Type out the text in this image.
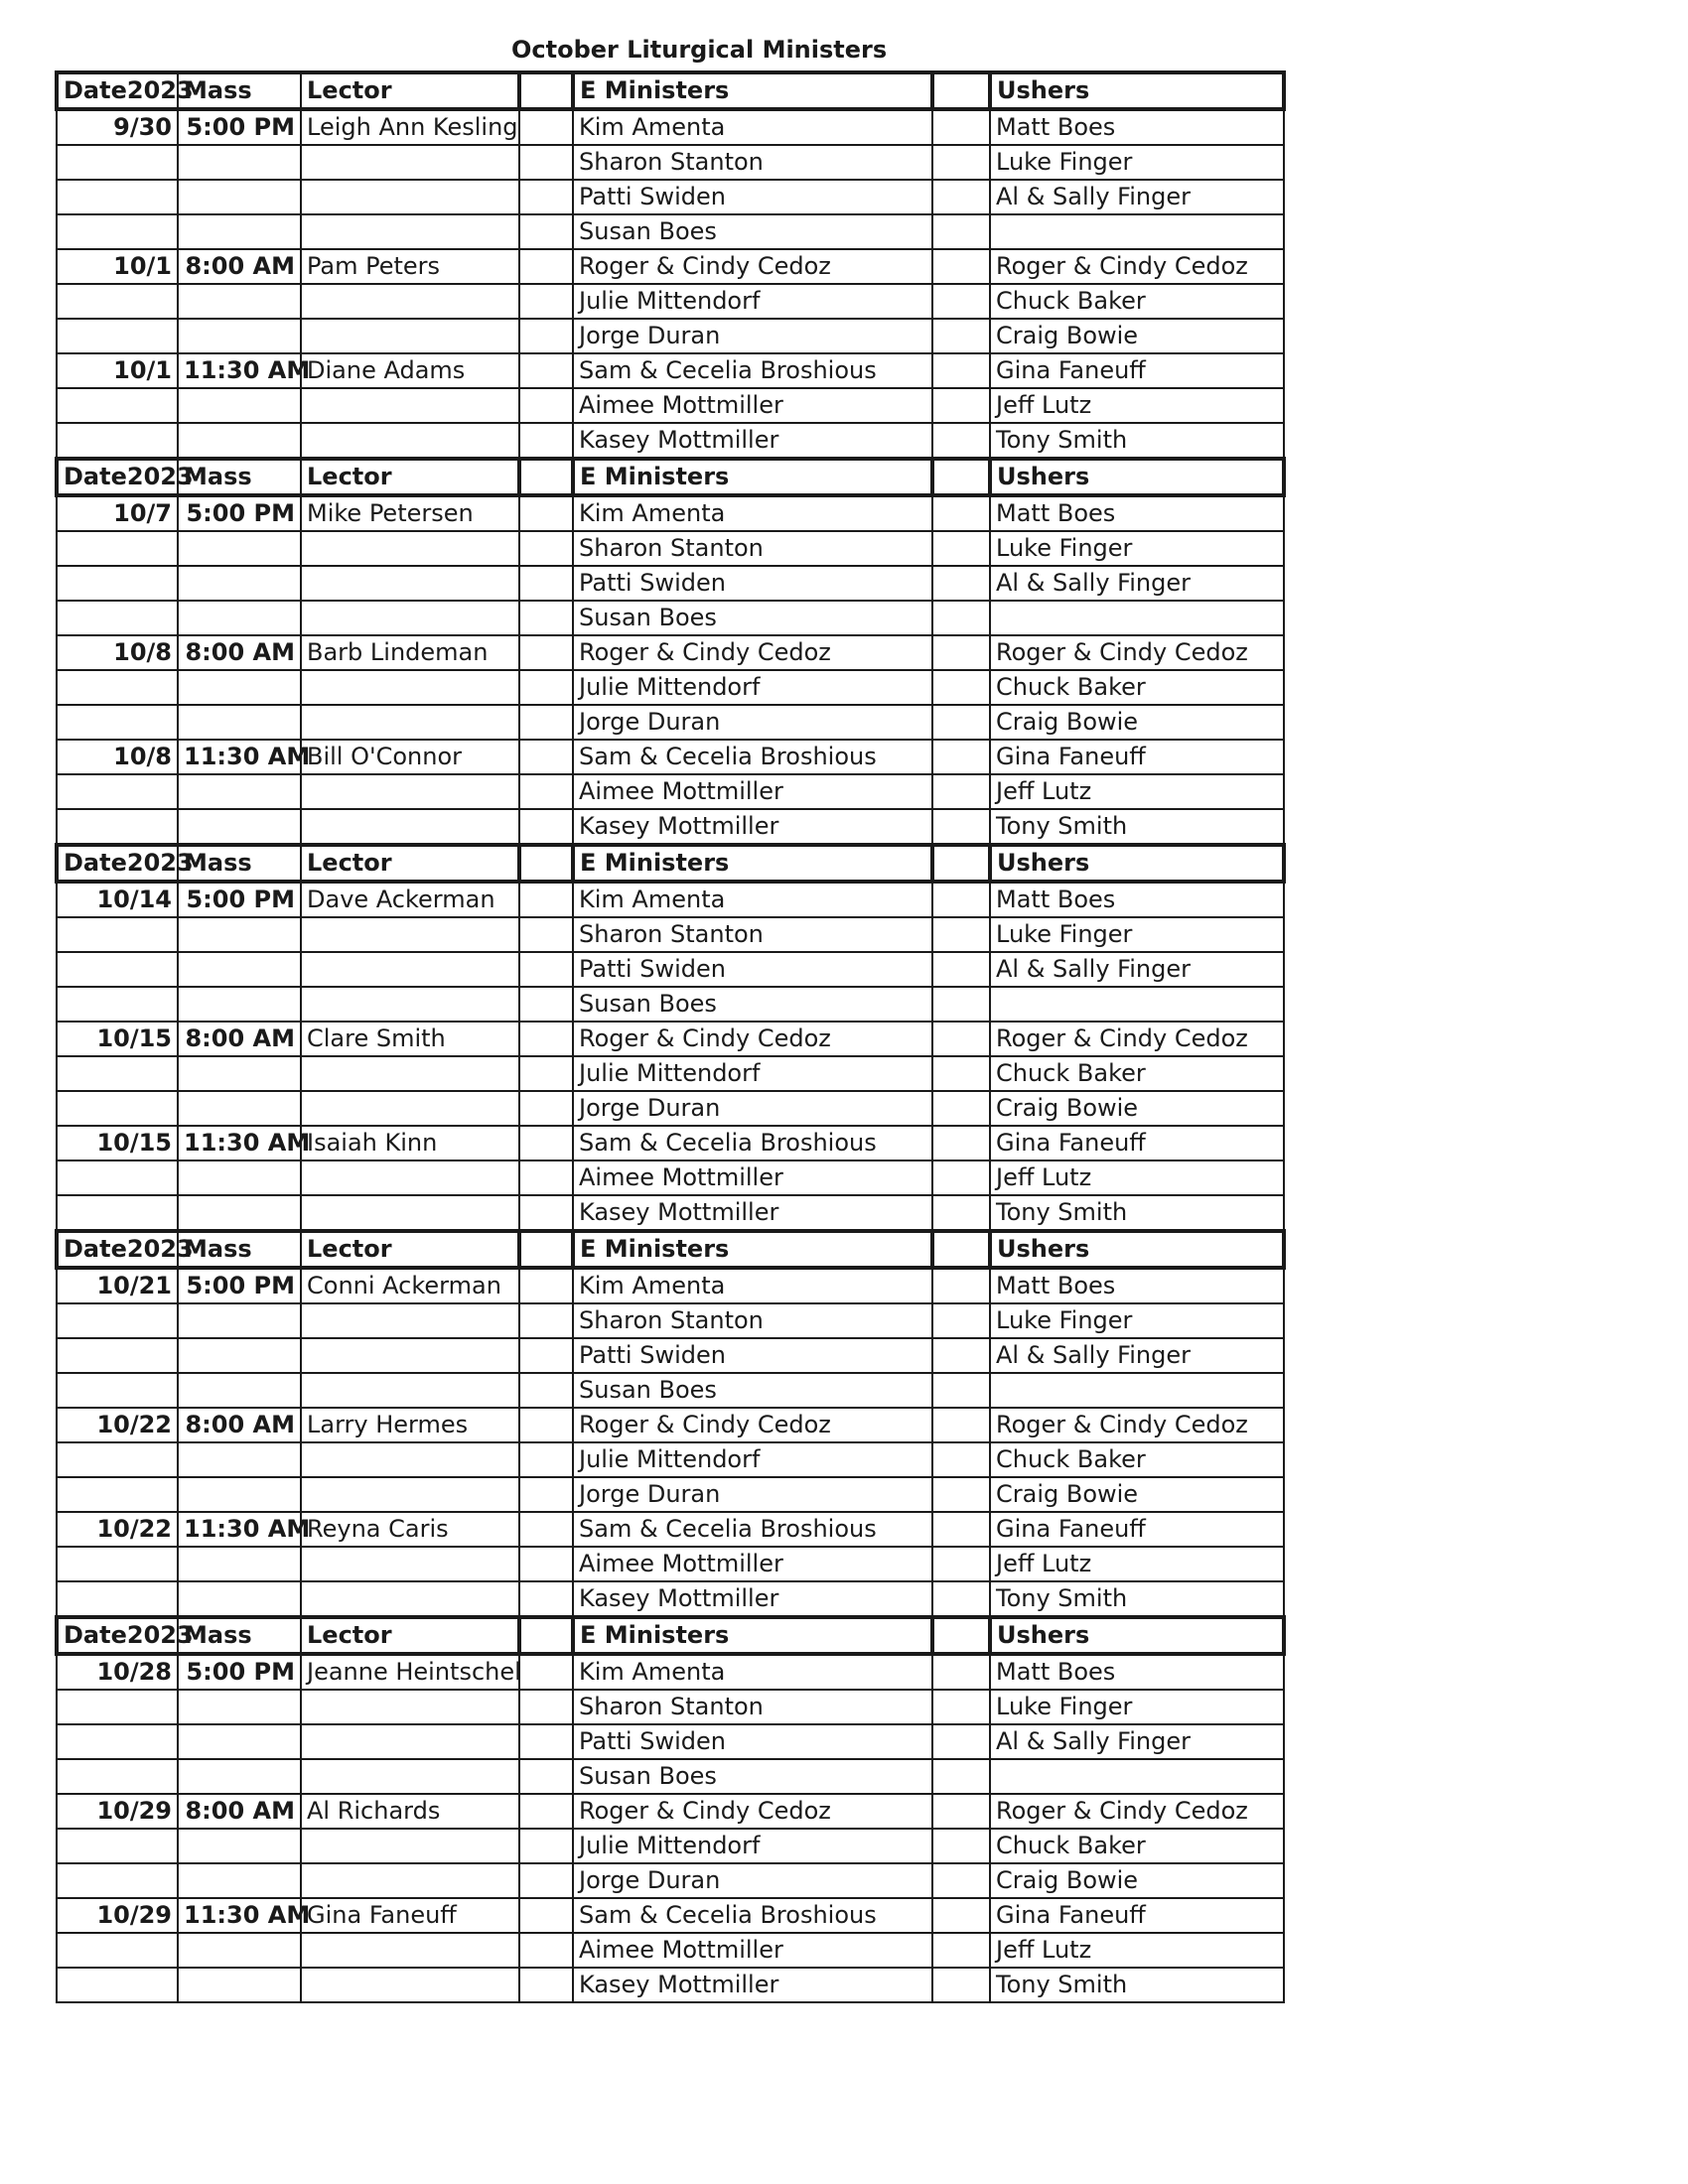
October Liturgical Ministers
Date2023	Mass	Lector		E Ministers		Ushers
9/30	5:00 PM	Leigh Ann Kesling		Kim Amenta		Matt Boes
				Sharon Stanton		Luke Finger
				Patti Swiden		Al & Sally Finger
				Susan Boes		
10/1	8:00 AM	Pam Peters		Roger & Cindy Cedoz		Roger & Cindy Cedoz
				Julie Mittendorf		Chuck Baker
				Jorge Duran		Craig Bowie
10/1	11:30 AM	Diane Adams		Sam & Cecelia Broshious		Gina Faneuff
				Aimee Mottmiller		Jeff Lutz
				Kasey Mottmiller		Tony Smith
Date2023	Mass	Lector		E Ministers		Ushers
10/7	5:00 PM	Mike Petersen		Kim Amenta		Matt Boes
				Sharon Stanton		Luke Finger
				Patti Swiden		Al & Sally Finger
				Susan Boes		
10/8	8:00 AM	Barb Lindeman		Roger & Cindy Cedoz		Roger & Cindy Cedoz
				Julie Mittendorf		Chuck Baker
				Jorge Duran		Craig Bowie
10/8	11:30 AM	Bill O'Connor		Sam & Cecelia Broshious		Gina Faneuff
				Aimee Mottmiller		Jeff Lutz
				Kasey Mottmiller		Tony Smith
Date2023	Mass	Lector		E Ministers		Ushers
10/14	5:00 PM	Dave Ackerman		Kim Amenta		Matt Boes
				Sharon Stanton		Luke Finger
				Patti Swiden		Al & Sally Finger
				Susan Boes		
10/15	8:00 AM	Clare Smith		Roger & Cindy Cedoz		Roger & Cindy Cedoz
				Julie Mittendorf		Chuck Baker
				Jorge Duran		Craig Bowie
10/15	11:30 AM	Isaiah Kinn		Sam & Cecelia Broshious		Gina Faneuff
				Aimee Mottmiller		Jeff Lutz
				Kasey Mottmiller		Tony Smith
Date2023	Mass	Lector		E Ministers		Ushers
10/21	5:00 PM	Conni Ackerman		Kim Amenta		Matt Boes
				Sharon Stanton		Luke Finger
				Patti Swiden		Al & Sally Finger
				Susan Boes		
10/22	8:00 AM	Larry Hermes		Roger & Cindy Cedoz		Roger & Cindy Cedoz
				Julie Mittendorf		Chuck Baker
				Jorge Duran		Craig Bowie
10/22	11:30 AM	Reyna Caris		Sam & Cecelia Broshious		Gina Faneuff
				Aimee Mottmiller		Jeff Lutz
				Kasey Mottmiller		Tony Smith
Date2023	Mass	Lector		E Ministers		Ushers
10/28	5:00 PM	Jeanne Heintschel		Kim Amenta		Matt Boes
				Sharon Stanton		Luke Finger
				Patti Swiden		Al & Sally Finger
				Susan Boes		
10/29	8:00 AM	Al Richards		Roger & Cindy Cedoz		Roger & Cindy Cedoz
				Julie Mittendorf		Chuck Baker
				Jorge Duran		Craig Bowie
10/29	11:30 AM	Gina Faneuff		Sam & Cecelia Broshious		Gina Faneuff
				Aimee Mottmiller		Jeff Lutz
				Kasey Mottmiller		Tony Smith
